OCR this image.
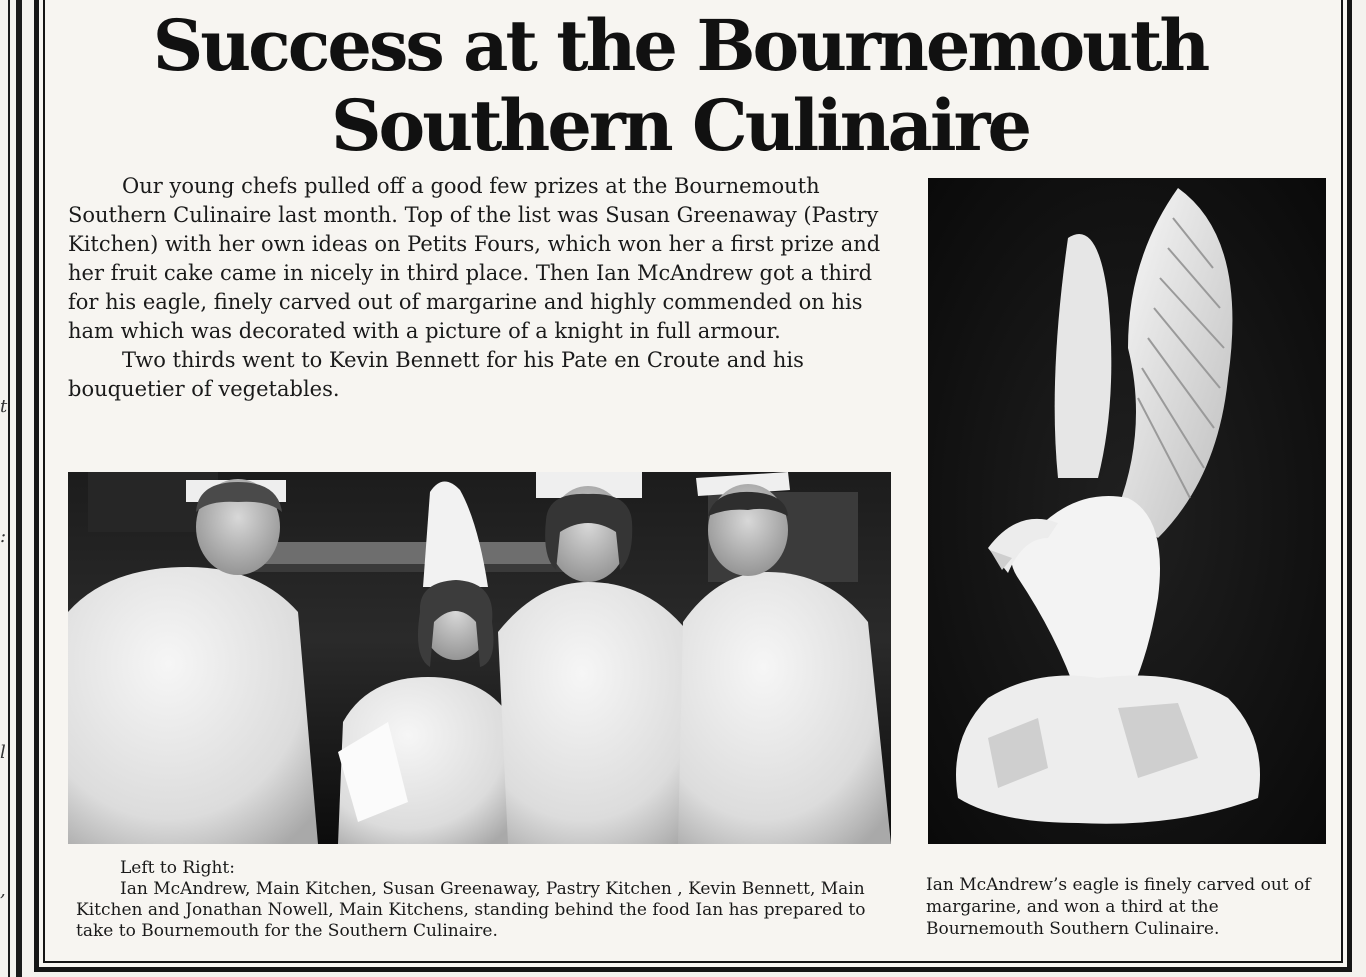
t
:
l
,
Success at the Bournemouth
Southern Culinaire

Our young chefs pulled off a good few prizes at the Bournemouth Southern Culinaire last month. Top of the list was Susan Greenaway (Pastry Kitchen) with her own ideas on Petits Fours, which won her a first prize and her fruit cake came in nicely in third place. Then Ian McAndrew got a third for his eagle, finely carved out of margarine and highly commended on his ham which was decorated with a picture of a knight in full armour.

Two thirds went to Kevin Bennett for his Pate en Croute and his bouquetier of vegetables.

Left to Right:
Ian McAndrew, Main Kitchen, Susan Greenaway, Pastry Kitchen , Kevin Bennett, Main Kitchen and Jonathan Nowell, Main Kitchens, standing behind the food Ian has prepared to take to Bournemouth for the Southern Culinaire.
Ian McAndrew’s eagle is finely carved out of margarine, and won a third at the Bournemouth Southern Culinaire.
